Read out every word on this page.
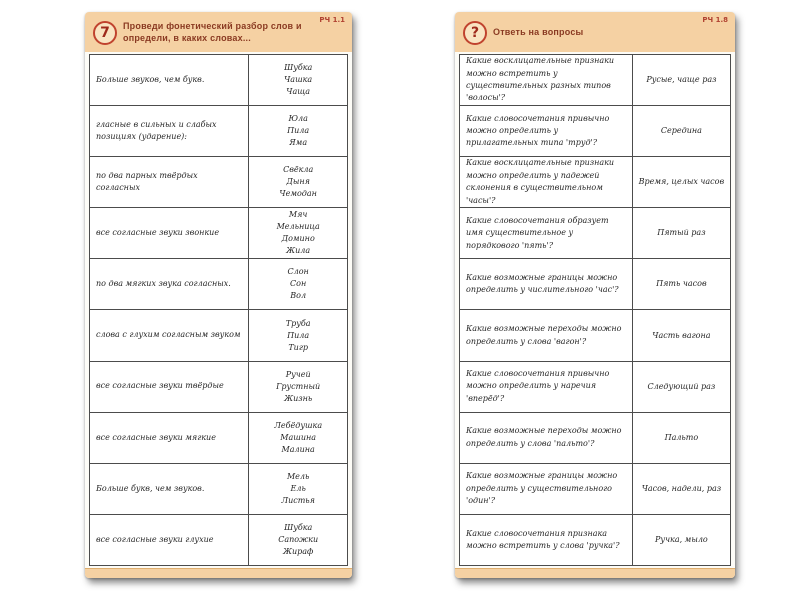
7	Проведи фонетический разбор слов и определи, в каких словах...
РЧ 1.1
Больше звуков, чем букв.
Шубка
Чашка
Чаща
гласные в сильных и слабых позициях (ударение):
Юла
Пила
Яма
по два парных твёрдых согласных
Свёкла
Дыня
Чемодан
все согласные звуки звонкие
Мяч
Мельница
Домино
Жила
по два мягких звука согласных.
Слон
Сон
Вол
слова с глухим согласным звуком
Труба
Пила
Тигр
все согласные звуки твёрдые
Ручей
Грустный
Жизнь
все согласные звуки мягкие
Лебёдушка
Машина
Малина
Больше букв, чем звуков.
Мель
Ель
Листья
все согласные звуки глухие
Шубка
Сапожки
Жираф
?	Ответь на вопросы
РЧ 1.8
Какие восклицательные признаки можно встретить у существительных разных типов 'волосы'?
Русые, чаще раз
Какие словосочетания привычно можно определить у прилагательных типа 'труд'?
Середина
Какие восклицательные признаки можно определить у падежей склонения в существительном 'часы'?
Время, целых часов
Какие словосочетания образует имя существительное у порядкового 'пять'?
Пятый раз
Какие возможные границы можно определить у числительного 'час'?
Пять часов
Какие возможные переходы можно определить у слова 'вагон'?
Часть вагона
Какие словосочетания привычно можно определить у наречия 'вперёд'?
Следующий раз
Какие возможные переходы можно определить у слова 'пальто'?
Пальто
Какие возможные границы можно определить у существительного 'один'?
Часов, надели, раз
Какие словосочетания признака можно встретить у слова 'ручка'?
Ручка, мыло
